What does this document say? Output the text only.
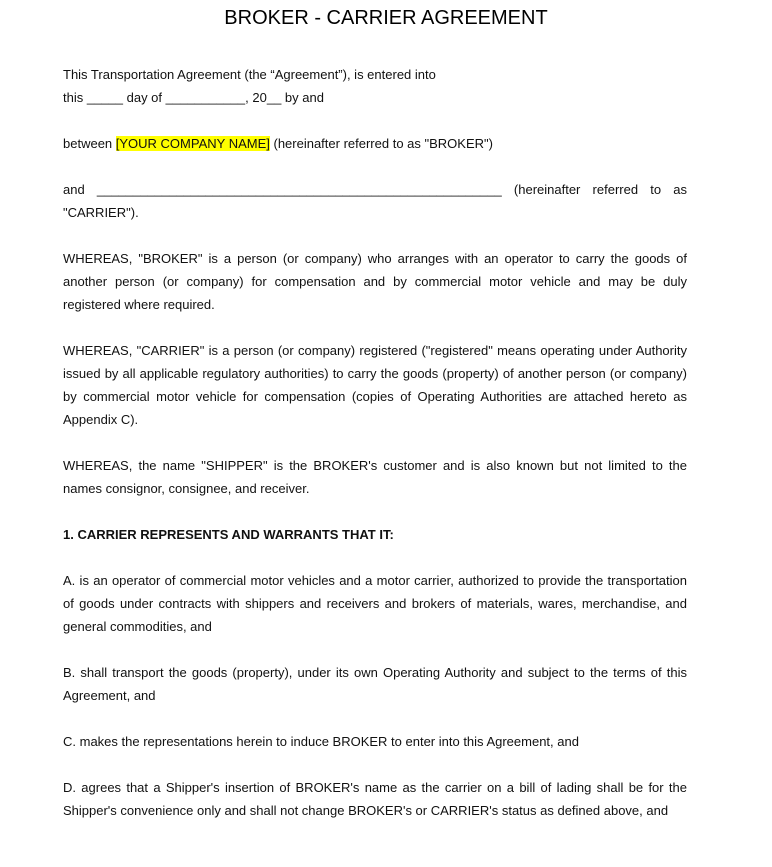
BROKER - CARRIER AGREEMENT

This Transportation Agreement (the “Agreement”), is entered into
this _____ day of ___________, 20__ by and

between [YOUR COMPANY NAME] (hereinafter referred to as "BROKER")

and ________________________________________________________ (hereinafter referred to as "CARRIER").

WHEREAS, "BROKER" is a person (or company) who arranges with an operator to carry the goods of another person (or company) for compensation and by commercial motor vehicle and may be duly registered where required.

WHEREAS, "CARRIER" is a person (or company) registered ("registered" means operating under Authority issued by all applicable regulatory authorities) to carry the goods (property) of another person (or company) by commercial motor vehicle for compensation (copies of Operating Authorities are attached hereto as Appendix C).

WHEREAS, the name "SHIPPER" is the BROKER's customer and is also known but not limited to the names consignor, consignee, and receiver.

1. CARRIER REPRESENTS AND WARRANTS THAT IT:

A. is an operator of commercial motor vehicles and a motor carrier, authorized to provide the transportation of goods under contracts with shippers and receivers and brokers of materials, wares, merchandise, and general commodities, and

B. shall transport the goods (property), under its own Operating Authority and subject to the terms of this Agreement, and

C. makes the representations herein to induce BROKER to enter into this Agreement, and

D. agrees that a Shipper's insertion of BROKER's name as the carrier on a bill of lading shall be for the Shipper's convenience only and shall not change BROKER's or CARRIER's status as defined above, and
